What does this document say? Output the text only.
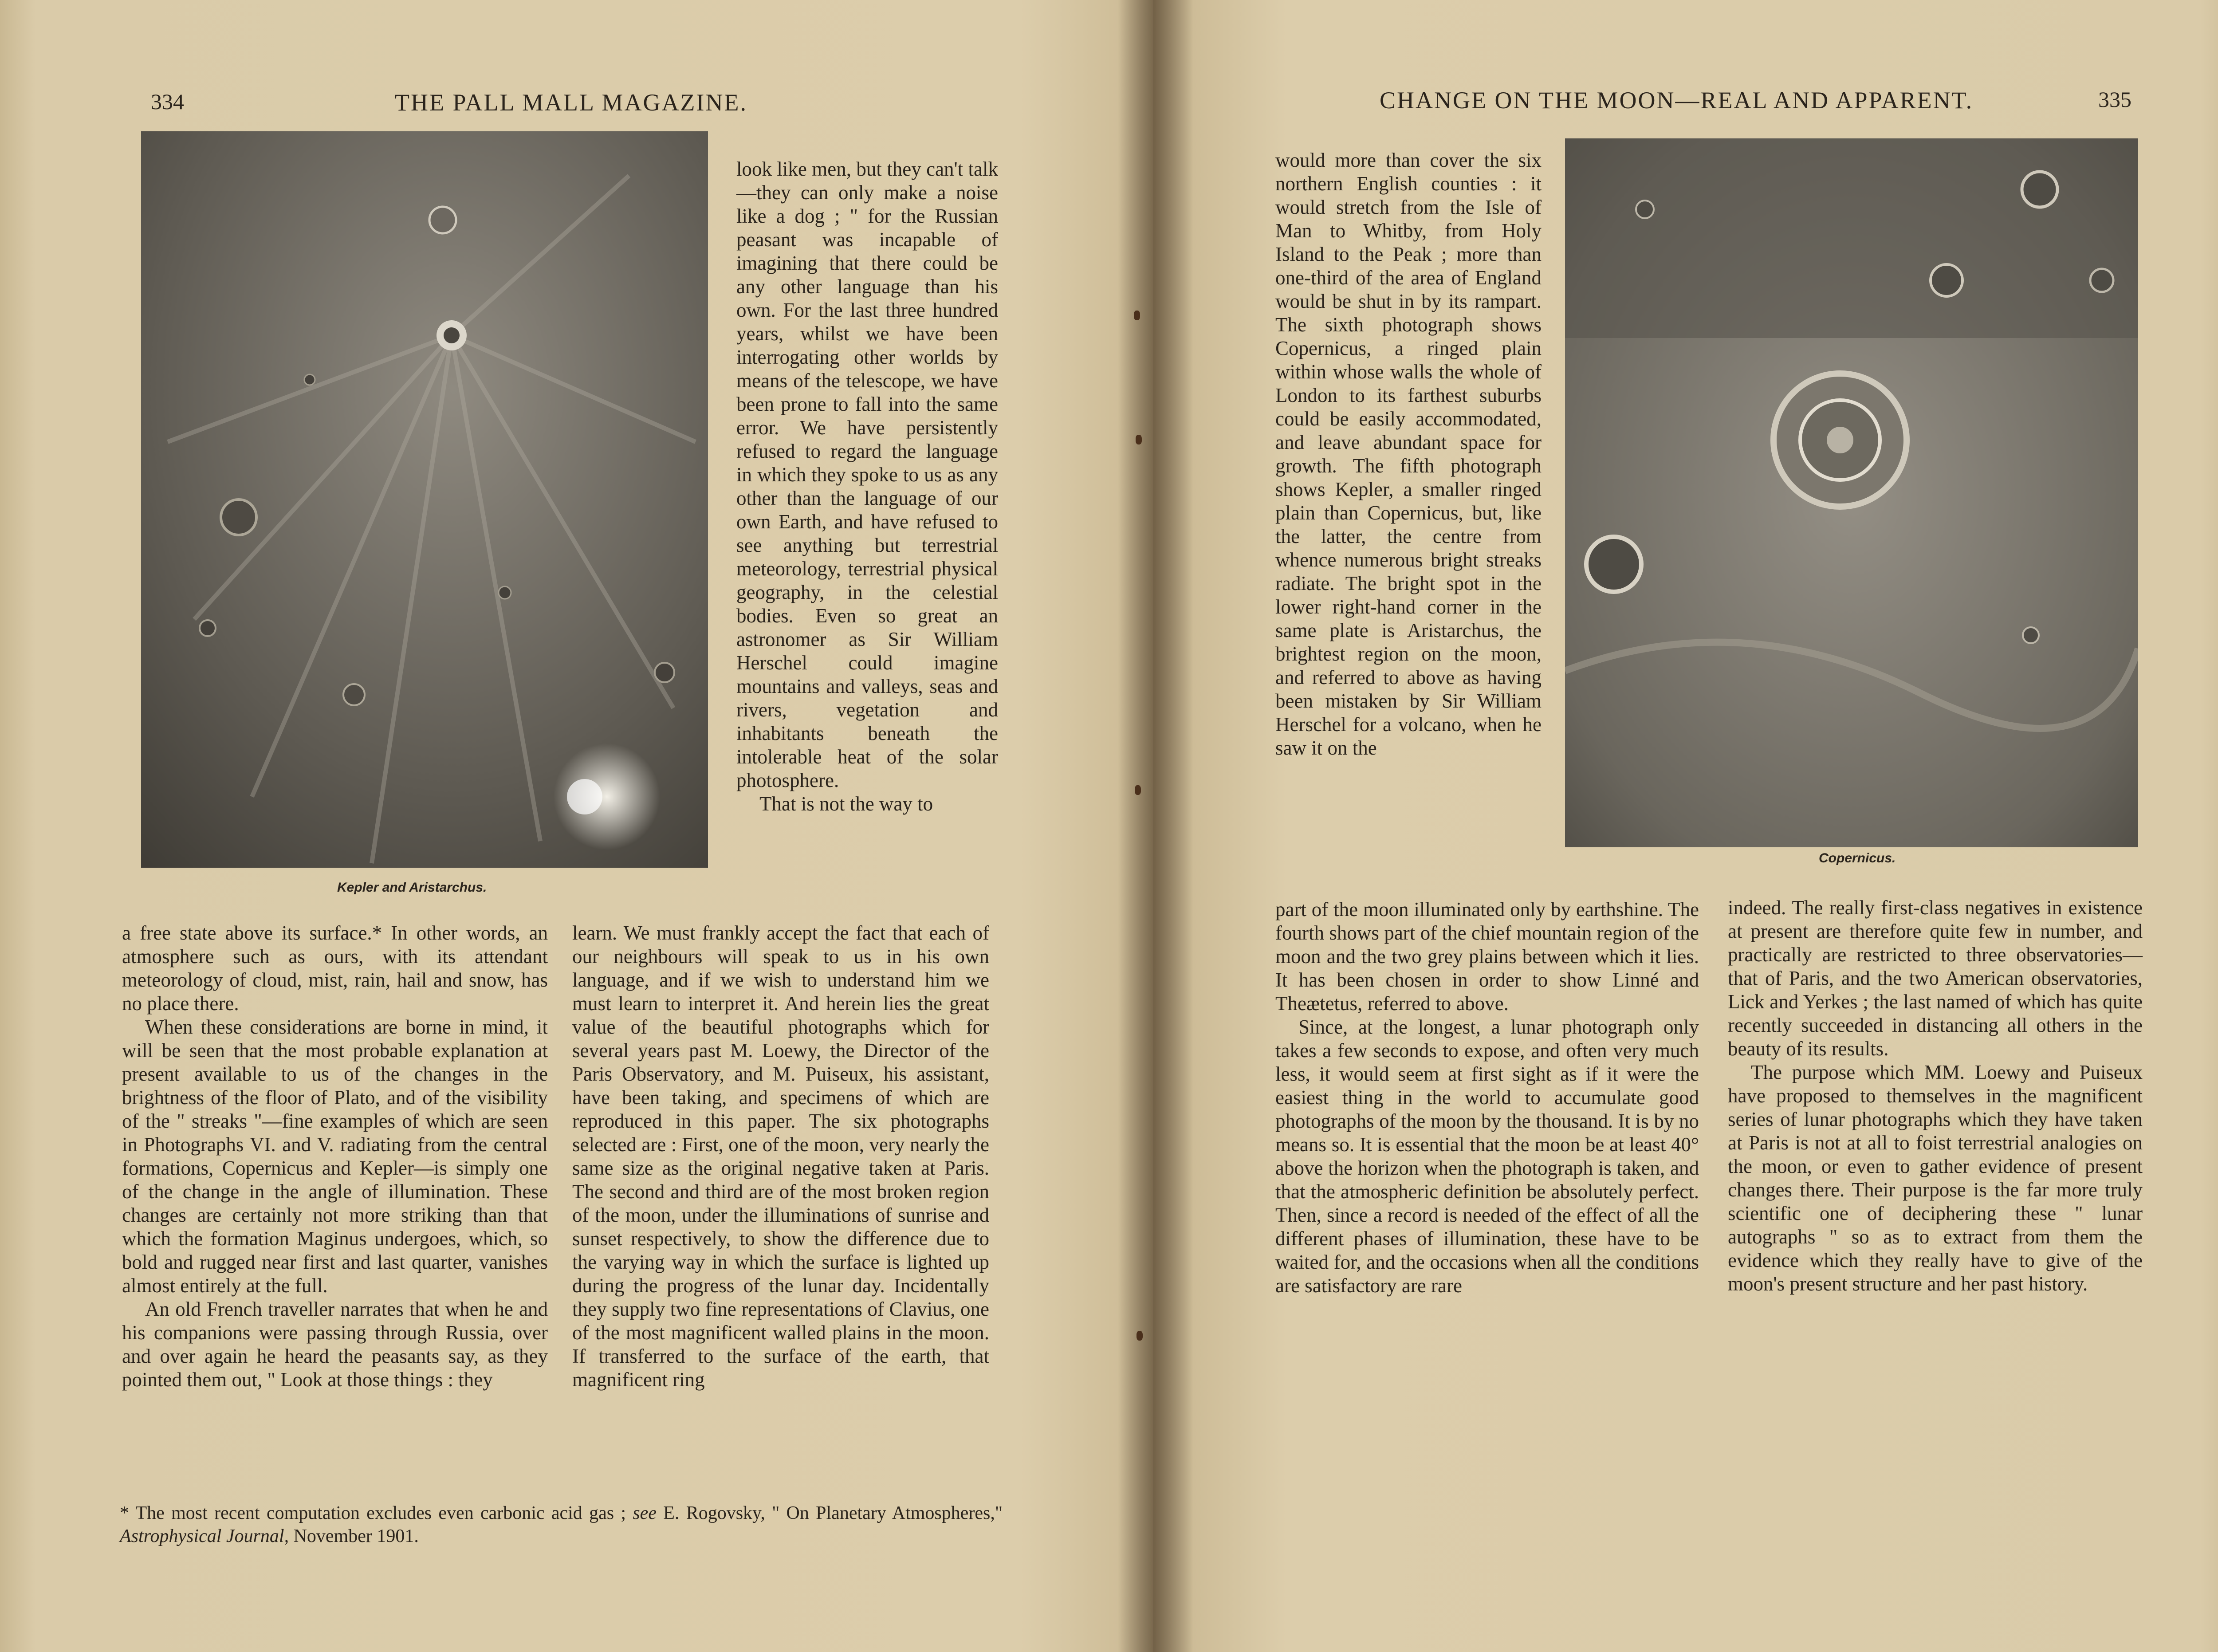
334	THE PALL MALL MAGAZINE.
Kepler and Aristarchus.

look like men, but they can't talk—they can only make a noise like a dog ; " for the Russian peasant was incapable of imagining that there could be any other language than his own. For the last three hundred years, whilst we have been interrogating other worlds by means of the telescope, we have been prone to fall into the same error. We have persistently refused to regard the language in which they spoke to us as any other than the language of our own Earth, and have refused to see anything but terrestrial meteorology, terrestrial physical geography, in the celestial bodies. Even so great an astronomer as Sir William Herschel could imagine mountains and valleys, seas and rivers, vegetation and inhabitants beneath the intolerable heat of the solar photosphere.

That is not the way to

a free state above its surface.* In other words, an atmosphere such as ours, with its attendant meteorology of cloud, mist, rain, hail and snow, has no place there.

When these considerations are borne in mind, it will be seen that the most probable explanation at present available to us of the changes in the brightness of the floor of Plato, and of the visibility of the " streaks "—fine examples of which are seen in Photographs VI. and V. radiating from the central formations, Copernicus and Kepler—is simply one of the change in the angle of illumination. These changes are certainly not more striking than that which the formation Maginus undergoes, which, so bold and rugged near first and last quarter, vanishes almost entirely at the full.

An old French traveller narrates that when he and his companions were passing through Russia, over and over again he heard the peasants say, as they pointed them out, " Look at those things : they

learn. We must frankly accept the fact that each of our neighbours will speak to us in his own language, and if we wish to understand him we must learn to interpret it. And herein lies the great value of the beautiful photographs which for several years past M. Loewy, the Director of the Paris Observatory, and M. Puiseux, his assistant, have been taking, and specimens of which are reproduced in this paper. The six photographs selected are : First, one of the moon, very nearly the same size as the original negative taken at Paris. The second and third are of the most broken region of the moon, under the illuminations of sunrise and sunset respectively, to show the difference due to the varying way in which the surface is lighted up during the progress of the lunar day. Incidentally they supply two fine representations of Clavius, one of the most magnificent walled plains in the moon. If transferred to the surface of the earth, that magnificent ring

* The most recent computation excludes even carbonic acid gas ; see E. Rogovsky, " On Planetary Atmospheres," Astrophysical Journal, November 1901.
CHANGE ON THE MOON—REAL AND APPARENT.	335

would more than cover the six northern English counties : it would stretch from the Isle of Man to Whitby, from Holy Island to the Peak ; more than one-third of the area of England would be shut in by its rampart. The sixth photograph shows Copernicus, a ringed plain within whose walls the whole of London to its farthest suburbs could be easily accommodated, and leave abundant space for growth. The fifth photograph shows Kepler, a smaller ringed plain than Copernicus, but, like the latter, the centre from whence numerous bright streaks radiate. The bright spot in the lower right-hand corner in the same plate is Aristarchus, the brightest region on the moon, and referred to above as having been mistaken by Sir William Herschel for a volcano, when he saw it on the

Copernicus.

part of the moon illuminated only by earthshine. The fourth shows part of the chief mountain region of the moon and the two grey plains between which it lies. It has been chosen in order to show Linné and Theætetus, referred to above.

Since, at the longest, a lunar photograph only takes a few seconds to expose, and often very much less, it would seem at first sight as if it were the easiest thing in the world to accumulate good photographs of the moon by the thousand. It is by no means so. It is essential that the moon be at least 40° above the horizon when the photograph is taken, and that the atmospheric definition be absolutely perfect. Then, since a record is needed of the effect of all the different phases of illumination, these have to be waited for, and the occasions when all the conditions are satisfactory are rare

indeed. The really first-class negatives in existence at present are therefore quite few in number, and practically are restricted to three observatories—that of Paris, and the two American observatories, Lick and Yerkes ; the last named of which has quite recently succeeded in distancing all others in the beauty of its results.

The purpose which MM. Loewy and Puiseux have proposed to themselves in the magnificent series of lunar photographs which they have taken at Paris is not at all to foist terrestrial analogies on the moon, or even to gather evidence of present changes there. Their purpose is the far more truly scientific one of deciphering these " lunar autographs " so as to extract from them the evidence which they really have to give of the moon's present structure and her past history.
